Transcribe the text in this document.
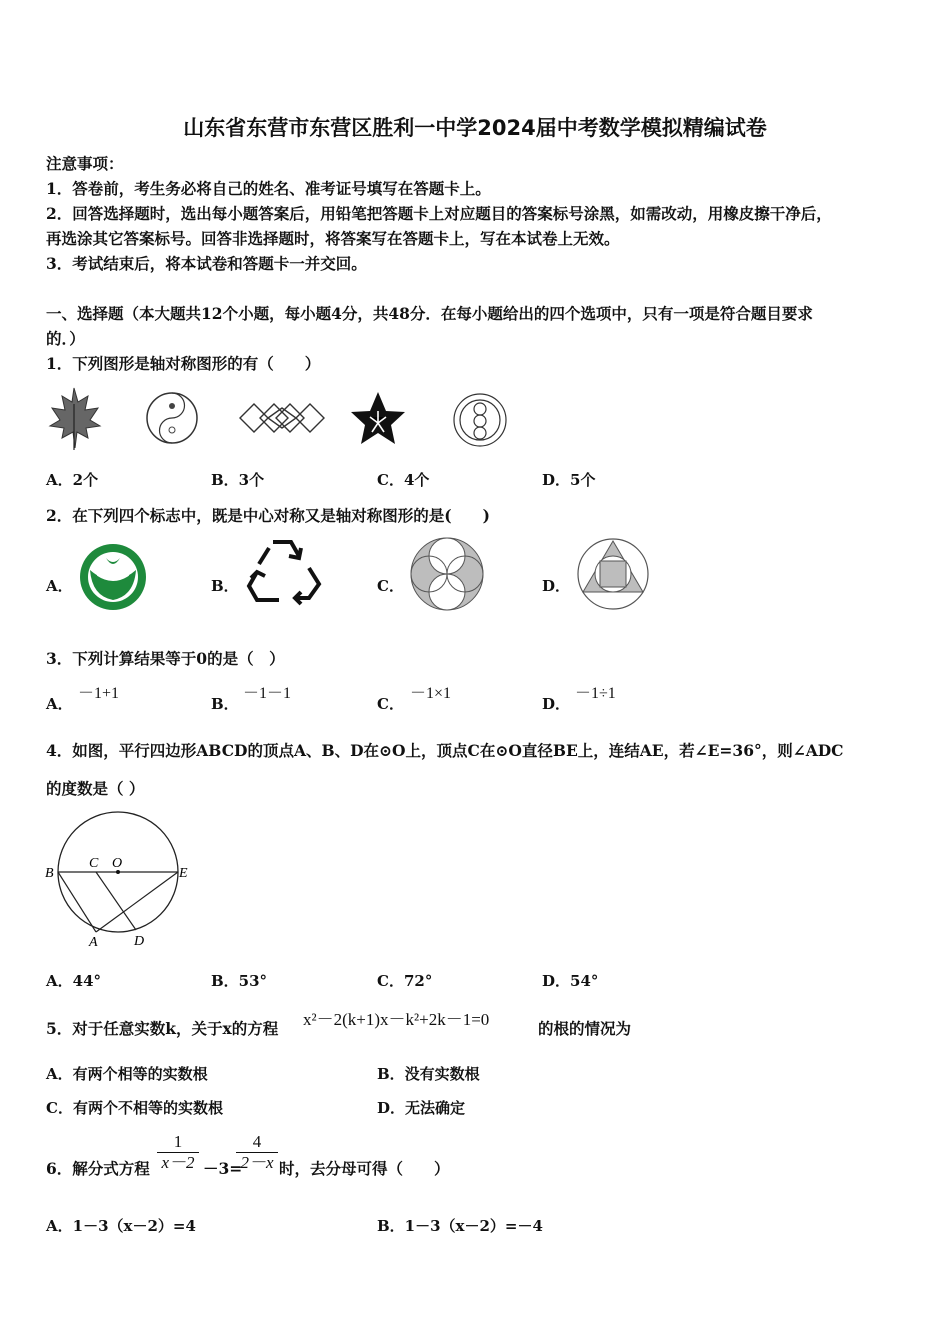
山东省东营市东营区胜利一中学2024届中考数学模拟精编试卷
注意事项：
1．答卷前，考生务必将自己的姓名、准考证号填写在答题卡上。
2．回答选择题时，选出每小题答案后，用铅笔把答题卡上对应题目的答案标号涂黑，如需改动，用橡皮擦干净后，
再选涂其它答案标号。回答非选择题时，将答案写在答题卡上，写在本试卷上无效。
3．考试结束后，将本试卷和答题卡一并交回。
一、选择题（本大题共12个小题，每小题4分，共48分．在每小题给出的四个选项中，只有一项是符合题目要求
的．）
1．下列图形是轴对称图形的有（　　）
A．2个	B．3个	C．4个	D．5个
2．在下列四个标志中，既是中心对称又是轴对称图形的是(　　)
A．	B．	C．	D．
3．下列计算结果等于0的是（　）
A．
－1+1
B．
－1－1
C．
－1×1
D．
－1÷1
4．如图，平行四边形ABCD的顶点A、B、D在⊙O上，顶点C在⊙O直径BE上，连结AE，若∠E=36°，则∠ADC
的度数是（ ）
B
C O
E
A	D
A．44°	B．53°	C．72°	D．54°
5．对于任意实数k，关于x的方程 x²－2(k+1)x－k²+2k－1=0	的根的情况为
A．有两个相等的实数根	B．没有实数根
C．有两个不相等的实数根	D．无法确定
6．解分式方程 $\frac{1}{x-2} -3=$
$\frac{4}{2-x}$ 时，去分母可得（　　）
A．1－3（x－2）=4	B．1－3（x－2）=－4
